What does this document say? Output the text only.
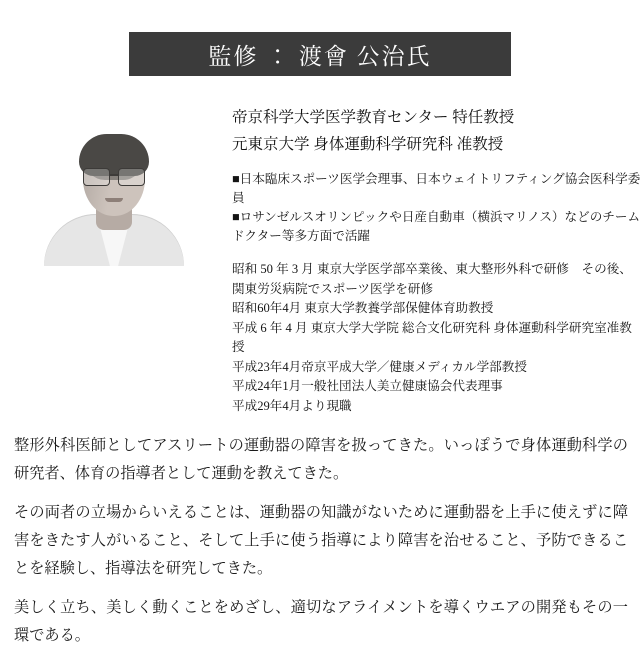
監修 ： 渡會 公治氏
帝京科学大学医学教育センター 特任教授
元東京大学 身体運動科学研究科 准教授

■日本臨床スポーツ医学会理事、日本ウェイトリフティング協会医科学委員

■ロサンゼルスオリンピックや日産自動車（横浜マリノス）などのチーム ドクター等多方面で活躍

昭和 50 年 3 月 東京大学医学部卒業後、東大整形外科で研修　その後、関東労災病院でスポーツ医学を研修

昭和60年4月 東京大学教養学部保健体育助教授

平成 6 年 4 月 東京大学大学院 総合文化研究科 身体運動科学研究室准教授

平成23年4月帝京平成大学／健康メディカル学部教授

平成24年1月一般社団法人美立健康協会代表理事

平成29年4月より現職

整形外科医師としてアスリートの運動器の障害を扱ってきた。いっぽうで身体運動科学の研究者、体育の指導者として運動を教えてきた。

その両者の立場からいえることは、運動器の知識がないために運動器を上手に使えずに障害をきたす人がいること、そして上手に使う指導により障害を治せること、予防できることを経験し、指導法を研究してきた。

美しく立ち、美しく動くことをめざし、適切なアライメントを導くウエアの開発もその一環である。
